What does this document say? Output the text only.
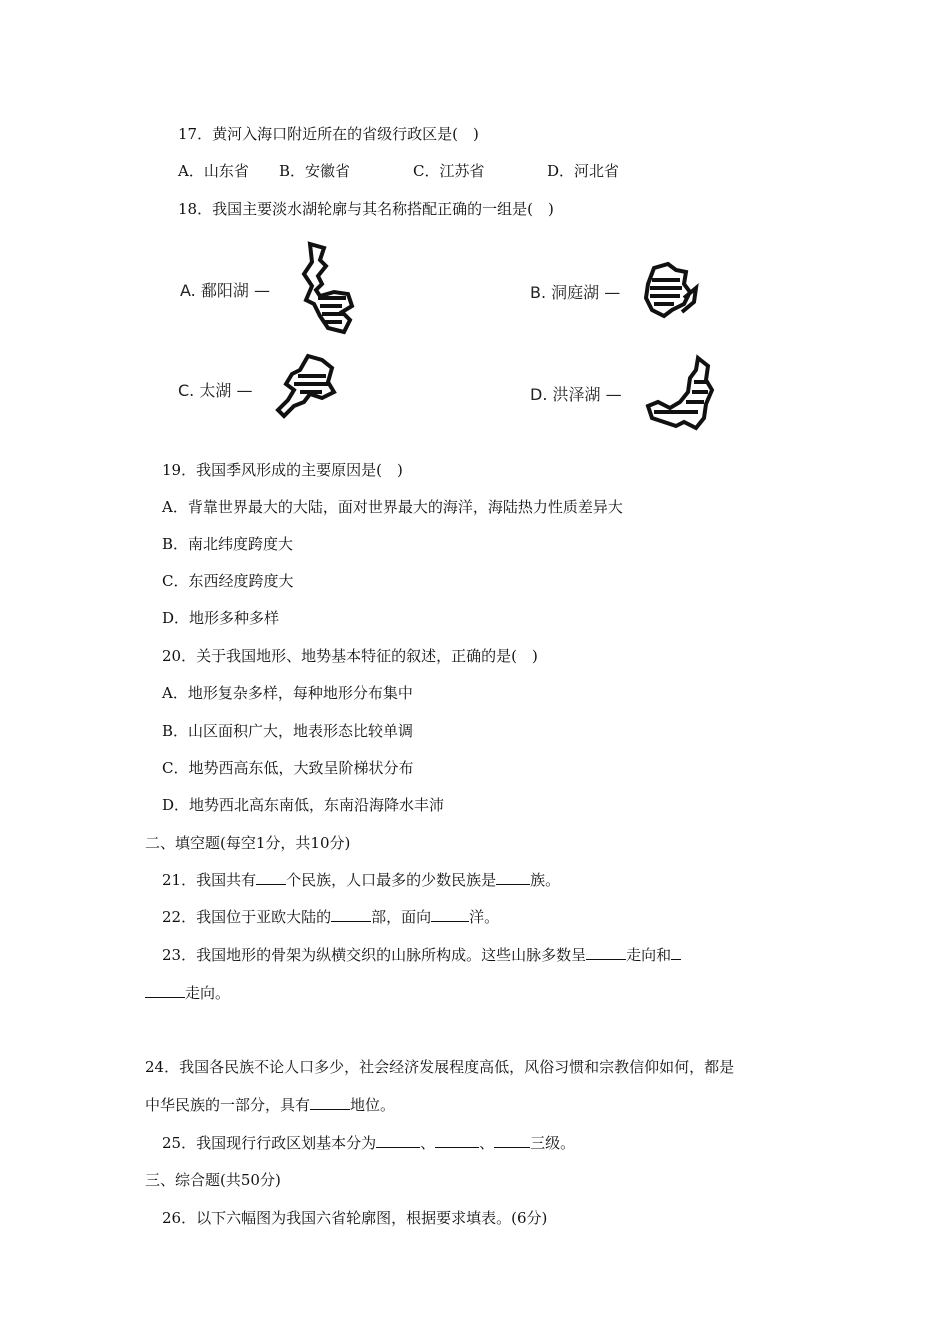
17．黄河入海口附近所在的省级行政区是(　)
A．山东省 B．安徽省	C．江苏省	D．河北省
18．我国主要淡水湖轮廓与其名称搭配正确的一组是(　)
A. 鄱阳湖 —	B. 洞庭湖 —
C. 太湖 —	D. 洪泽湖 —
19．我国季风形成的主要原因是(　)
A．背靠世界最大的大陆，面对世界最大的海洋，海陆热力性质差异大
B．南北纬度跨度大
C．东西经度跨度大
D．地形多种多样
20．关于我国地形、地势基本特征的叙述，正确的是(　)
A．地形复杂多样，每种地形分布集中
B．山区面积广大，地表形态比较单调
C．地势西高东低，大致呈阶梯状分布
D．地势西北高东南低，东南沿海降水丰沛
二、填空题(每空1分，共10分)
21．我国共有 个民族，人口最多的少数民族是 族。
22．我国位于亚欧大陆的	部，面向	洋。
23．我国地形的骨架为纵横交织的山脉所构成。这些山脉多数呈	走向和
走向。
24．我国各民族不论人口多少，社会经济发展程度高低，风俗习惯和宗教信仰如何，都是
中华民族的一部分，具有	地位。
25．我国现行行政区划基本分为	、	、 三级。
三、综合题(共50分)
26．以下六幅图为我国六省轮廓图，根据要求填表。(6分)
